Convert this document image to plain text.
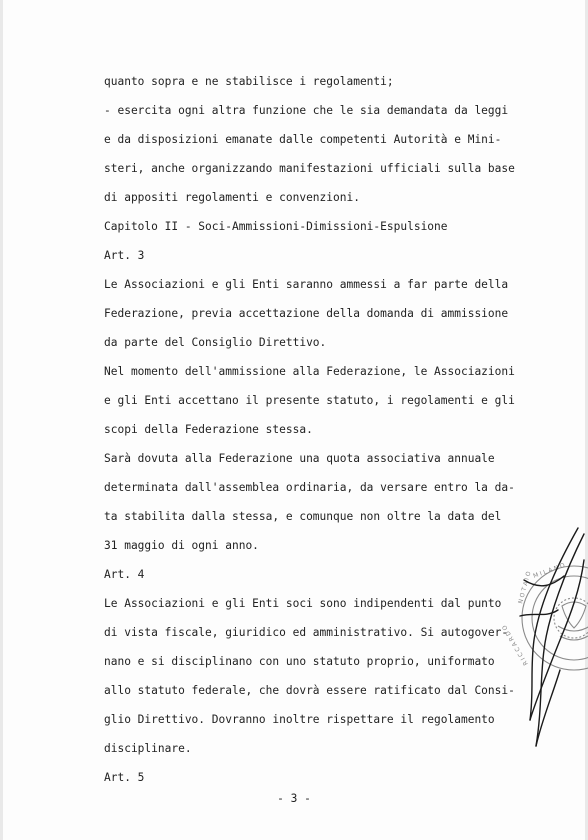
quanto sopra e ne stabilisce i regolamenti;
- esercita ogni altra funzione che le sia demandata da leggi
e da disposizioni emanate dalle competenti Autorità e Mini-
steri, anche organizzando manifestazioni ufficiali sulla base
di appositi regolamenti e convenzioni.
Capitolo II - Soci-Ammissioni-Dimissioni-Espulsione
Art. 3
Le Associazioni e gli Enti saranno ammessi a far parte della
Federazione, previa accettazione della domanda di ammissione
da parte del Consiglio Direttivo.
Nel momento dell'ammissione alla Federazione, le Associazioni
e gli Enti accettano il presente statuto, i regolamenti e gli
scopi della Federazione stessa.
Sarà dovuta alla Federazione una quota associativa annuale
determinata dall'assemblea ordinaria, da versare entro la da-
ta stabilita dalla stessa, e comunque non oltre la data del
31 maggio di ogni anno.
Art. 4
Le Associazioni e gli Enti soci sono indipendenti dal punto
di vista fiscale, giuridico ed amministrativo. Si autogover-
nano e si disciplinano con uno statuto proprio, uniformato
allo statuto federale, che dovrà essere ratificato dal Consi-
glio Direttivo. Dovranno inoltre rispettare il regolamento
disciplinare.
Art. 5
- 3 -
M I L A N O
N O T A I O
R I C C A R D O
